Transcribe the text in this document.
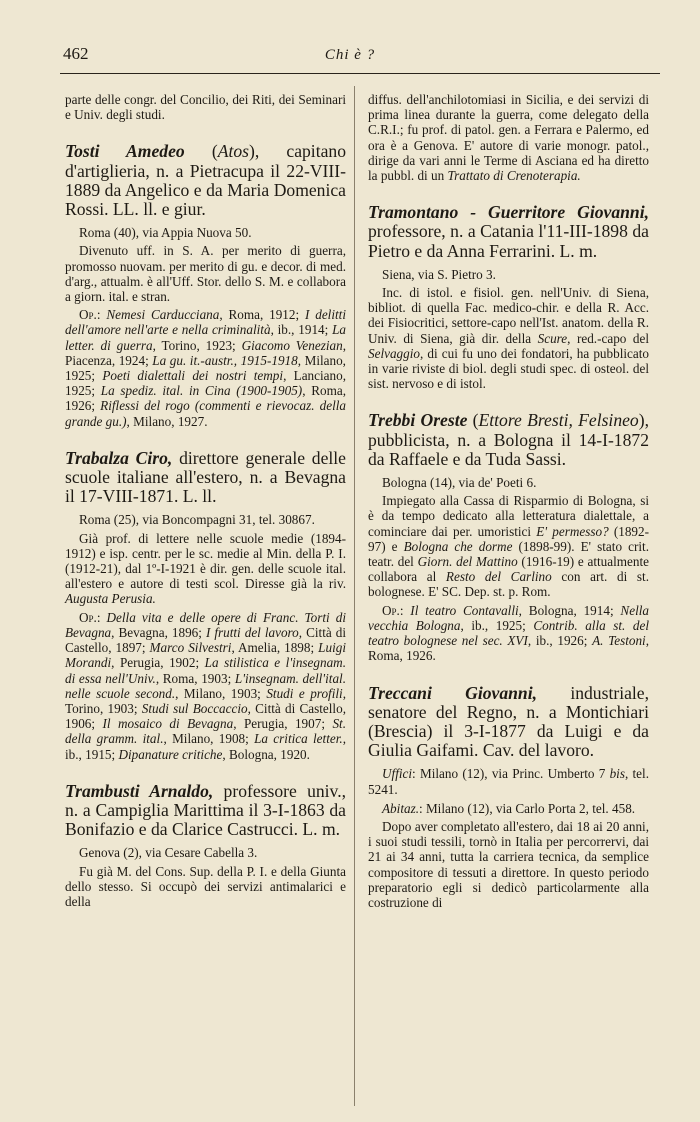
462	Chi è ?

parte delle congr. del Concilio, dei Riti, dei Seminari e Univ. degli studi.

Tosti Amedeo (Atos), capitano d'artiglieria, n. a Pietracupa il 22-VIII-1889 da Angelico e da Maria Domenica Rossi. LL. ll. e giur.

Roma (40), via Appia Nuova 50.

Divenuto uff. in S. A. per merito di guerra, promosso nuovam. per merito di gu. e decor. di med. d'arg., attualm. è all'Uff. Stor. dello S. M. e collabora a giorn. ital. e stran.

Op.: Nemesi Carducciana, Roma, 1912; I delitti dell'amore nell'arte e nella criminalità, ib., 1914; La letter. di guerra, Torino, 1923; Giacomo Venezian, Piacenza, 1924; La gu. it.-austr., 1915-1918, Milano, 1925; Poeti dialettali dei nostri tempi, Lanciano, 1925; La spediz. ital. in Cina (1900-1905), Roma, 1926; Riflessi del rogo (commenti e rievocaz. della grande gu.), Milano, 1927.

Trabalza Ciro, direttore generale delle scuole italiane all'estero, n. a Bevagna il 17-VIII-1871. L. ll.

Roma (25), via Boncompagni 31, tel. 30867.

Già prof. di lettere nelle scuole medie (1894-1912) e isp. centr. per le sc. medie al Min. della P. I. (1912-21), dal 1º-I-1921 è dir. gen. delle scuole ital. all'estero e autore di testi scol. Diresse già la riv. Augusta Perusia.

Op.: Della vita e delle opere di Franc. Torti di Bevagna, Bevagna, 1896; I frutti del lavoro, Città di Castello, 1897; Marco Silvestri, Amelia, 1898; Luigi Morandi, Perugia, 1902; La stilistica e l'insegnam. di essa nell'Univ., Roma, 1903; L'insegnam. dell'ital. nelle scuole second., Milano, 1903; Studi e profili, Torino, 1903; Studi sul Boccaccio, Città di Castello, 1906; Il mosaico di Bevagna, Perugia, 1907; St. della gramm. ital., Milano, 1908; La critica letter., ib., 1915; Dipanature critiche, Bologna, 1920.

Trambusti Arnaldo, professore univ., n. a Campiglia Marittima il 3-I-1863 da Bonifazio e da Clarice Castrucci. L. m.

Genova (2), via Cesare Cabella 3.

Fu già M. del Cons. Sup. della P. I. e della Giunta dello stesso. Si occupò dei servizi antimalarici e della

diffus. dell'anchilotomiasi in Sicilia, e dei servizi di prima linea durante la guerra, come delegato della C.R.I.; fu prof. di patol. gen. a Ferrara e Palermo, ed ora è a Genova. E' autore di varie monogr. patol., dirige da vari anni le Terme di Asciana ed ha diretto la pubbl. di un Trattato di Crenoterapia.

Tramontano - Guerritore Giovanni, professore, n. a Catania l'11-III-1898 da Pietro e da Anna Ferrarini. L. m.

Siena, via S. Pietro 3.

Inc. di istol. e fisiol. gen. nell'Univ. di Siena, bibliot. di quella Fac. medico-chir. e della R. Acc. dei Fisiocritici, settore-capo nell'Ist. anatom. della R. Univ. di Siena, già dir. della Scure, red.-capo del Selvaggio, di cui fu uno dei fondatori, ha pubblicato in varie riviste di biol. degli studi spec. di osteol. del sist. nervoso e di istol.

Trebbi Oreste (Ettore Bresti, Felsineo), pubblicista, n. a Bologna il 14-I-1872 da Raffaele e da Tuda Sassi.

Bologna (14), via de' Poeti 6.

Impiegato alla Cassa di Risparmio di Bologna, si è da tempo dedicato alla letteratura dialettale, a cominciare dai per. umoristici E' permesso? (1892-97) e Bologna che dorme (1898-99). E' stato crit. teatr. del Giorn. del Mattino (1916-19) e attualmente collabora al Resto del Carlino con art. di st. bolognese. E' SC. Dep. st. p. Rom.

Op.: Il teatro Contavalli, Bologna, 1914; Nella vecchia Bologna, ib., 1925; Contrib. alla st. del teatro bolognese nel sec. XVI, ib., 1926; A. Testoni, Roma, 1926.

Treccani Giovanni, industriale, senatore del Regno, n. a Montichiari (Brescia) il 3-I-1877 da Luigi e da Giulia Gaifami. Cav. del lavoro.

Uffici: Milano (12), via Princ. Umberto 7 bis, tel. 5241.

Abitaz.: Milano (12), via Carlo Porta 2, tel. 458.

Dopo aver completato all'estero, dai 18 ai 20 anni, i suoi studi tessili, tornò in Italia per percorrervi, dai 21 ai 34 anni, tutta la carriera tecnica, da semplice compositore di tessuti a direttore. In questo periodo preparatorio egli si dedicò particolarmente alla costruzione di
